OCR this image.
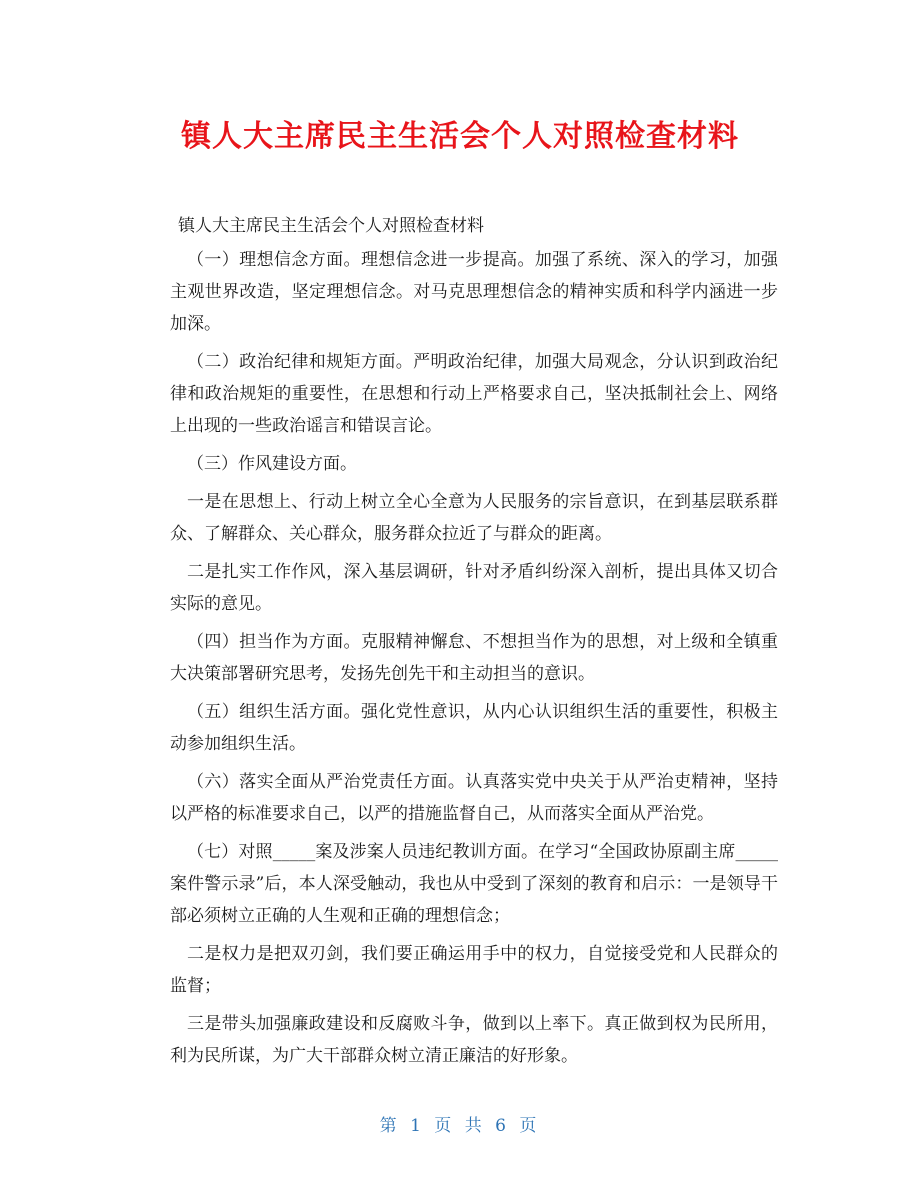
镇人大主席民主生活会个人对照检查材料

镇人大主席民主生活会个人对照检查材料

（一）理想信念方面。理想信念进一步提高。加强了系统、深入的学习，加强主观世界改造，坚定理想信念。对马克思理想信念的精神实质和科学内涵进一步加深。

（二）政治纪律和规矩方面。严明政治纪律，加强大局观念，分认识到政治纪律和政治规矩的重要性，在思想和行动上严格要求自己，坚决抵制社会上、网络上出现的一些政治谣言和错误言论。

（三）作风建设方面。

一是在思想上、行动上树立全心全意为人民服务的宗旨意识，在到基层联系群众、了解群众、关心群众，服务群众拉近了与群众的距离。

二是扎实工作作风，深入基层调研，针对矛盾纠纷深入剖析，提出具体又切合实际的意见。

（四）担当作为方面。克服精神懈怠、不想担当作为的思想，对上级和全镇重大决策部署研究思考，发扬先创先干和主动担当的意识。

（五）组织生活方面。强化党性意识，从内心认识组织生活的重要性，积极主动参加组织生活。

（六）落实全面从严治党责任方面。认真落实党中央关于从严治吏精神，坚持以严格的标准要求自己，以严的措施监督自己，从而落实全面从严治党。

（七）对照_____案及涉案人员违纪教训方面。在学习“全国政协原副主席_____案件警示录”后，本人深受触动，我也从中受到了深刻的教育和启示：一是领导干部必须树立正确的人生观和正确的理想信念；

二是权力是把双刃剑，我们要正确运用手中的权力，自觉接受党和人民群众的监督；

三是带头加强廉政建设和反腐败斗争，做到以上率下。真正做到权为民所用，利为民所谋，为广大干部群众树立清正廉洁的好形象。

第 1 页 共 6 页
